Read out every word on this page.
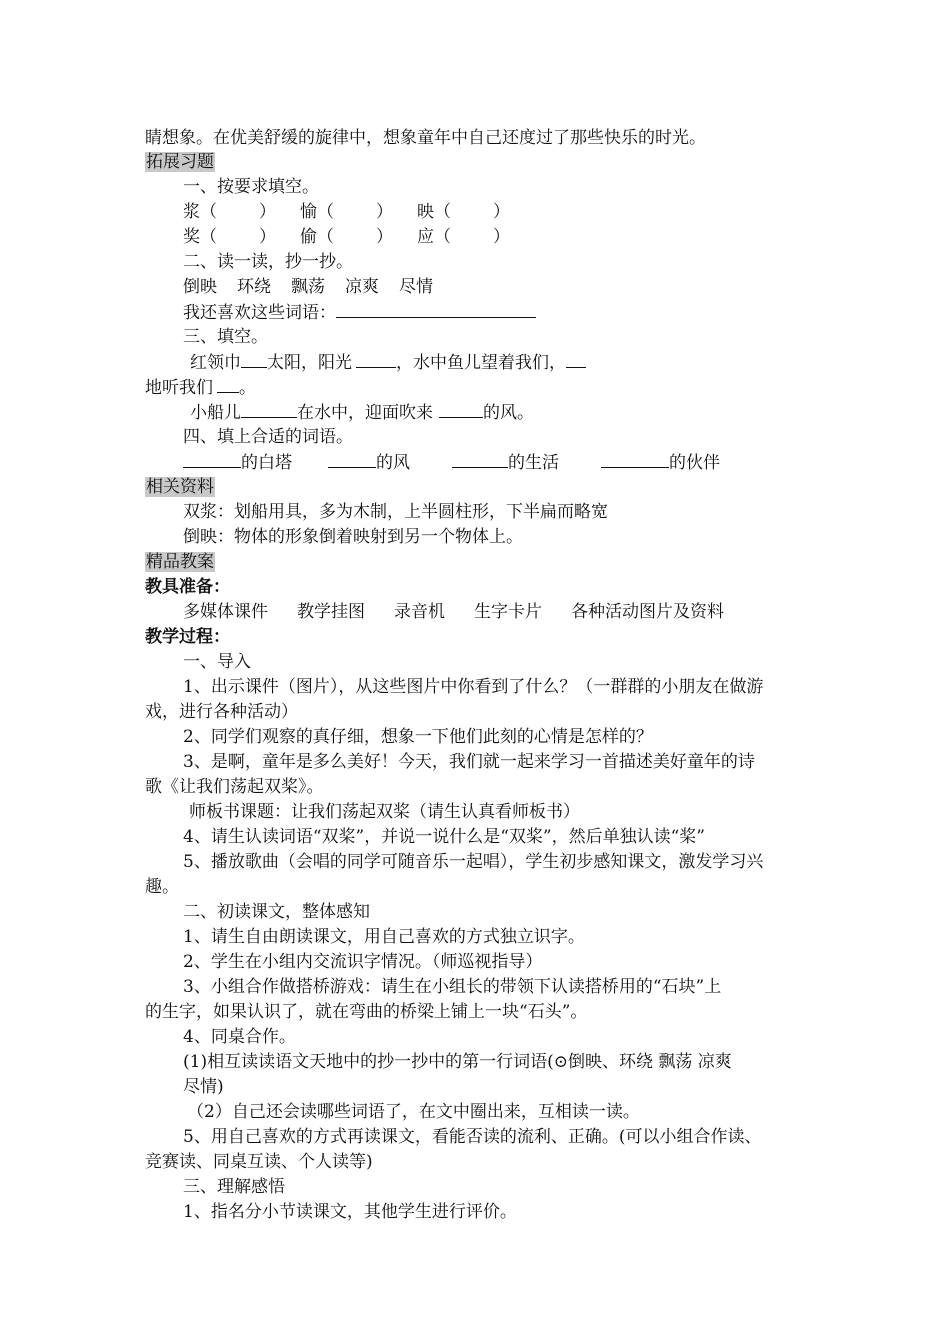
睛想象。在优美舒缓的旋律中，想象童年中自己还度过了那些快乐的时光。
拓展习题
一、按要求填空。
浆（ ） 愉（ ） 映（ ）
奖（ ） 偷（ ） 应（ ）
二、读一读，抄一抄。
倒映 环绕 飘荡 凉爽 尽情
我还喜欢这些词语：
三、填空。
红领巾 太阳，阳光	，水中鱼儿望着我们，
地听我们 。
小船儿	在水中，迎面吹来	的风。
四、填上合适的词语。
的白塔	的风	的生活	的伙伴
相关资料
双浆：划船用具，多为木制，上半圆柱形，下半扁而略宽
倒映：物体的形象倒着映射到另一个物体上。
精品教案
教具准备：
多媒体课件 教学挂图 录音机 生字卡片 各种活动图片及资料
教学过程：
一、导入
1、出示课件（图片），从这些图片中你看到了什么？（一群群的小朋友在做游
戏，进行各种活动）
2、同学们观察的真仔细，想象一下他们此刻的心情是怎样的？
3、是啊，童年是多么美好！今天，我们就一起来学习一首描述美好童年的诗
歌《让我们荡起双桨》。
师板书课题：让我们荡起双桨（请生认真看师板书）
4、请生认读词语“双桨”，并说一说什么是“双桨”，然后单独认读“桨”
5、播放歌曲（会唱的同学可随音乐一起唱），学生初步感知课文，激发学习兴
趣。
二、初读课文，整体感知
1、请生自由朗读课文，用自己喜欢的方式独立识字。
2、学生在小组内交流识字情况。（师巡视指导）
3、小组合作做搭桥游戏：请生在小组长的带领下认读搭桥用的“石块”上
的生字，如果认识了，就在弯曲的桥梁上铺上一块“石头”。
4、同桌合作。
(1)相互读读语文天地中的抄一抄中的第一行词语(⊙倒映、环绕 飘荡 凉爽
尽情)
（2）自己还会读哪些词语了，在文中圈出来，互相读一读。
5、用自己喜欢的方式再读课文，看能否读的流利、正确。(可以小组合作读、
竞赛读、同桌互读、个人读等)
三、理解感悟
1、指名分小节读课文，其他学生进行评价。
